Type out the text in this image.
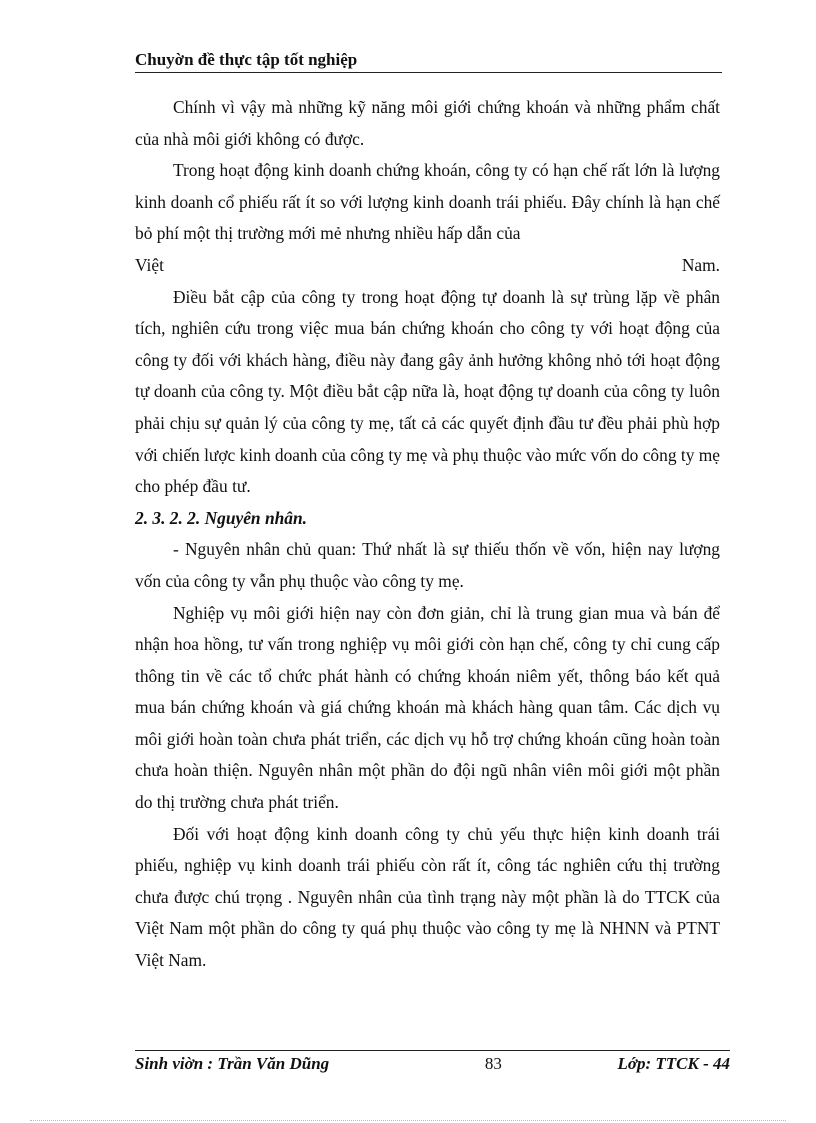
Chuyờn đề thực tập tốt nghiệp

Chính vì vậy mà những kỹ năng môi giới chứng khoán và những phẩm chất của nhà môi giới không có được.

Trong hoạt động kinh doanh chứng khoán, công ty có hạn chế rất lớn là lượng kinh doanh cổ phiếu rất ít so với lượng kinh doanh trái phiếu. Đây chính là hạn chế bỏ phí một thị trường mới mẻ nhưng nhiều hấp dẫn của

Việt	Nam.

Điều bắt cập của công ty trong hoạt động tự doanh là sự trùng lặp về phân tích, nghiên cứu trong việc mua bán chứng khoán cho công ty với hoạt động của công ty đối với khách hàng, điều này đang gây ảnh hưởng không nhỏ tới hoạt động tự doanh của công ty. Một điều bắt cập nữa là, hoạt động tự doanh của công ty luôn phải chịu sự quản lý của công ty mẹ, tất cả các quyết định đầu tư đều phải phù hợp với chiến lược kinh doanh của công ty mẹ và phụ thuộc vào mức vốn do công ty mẹ cho phép đầu tư.

2. 3. 2. 2. Nguyên nhân.

- Nguyên nhân chủ quan: Thứ nhất là sự thiếu thốn về vốn, hiện nay lượng vốn của công ty vẫn phụ thuộc vào công ty mẹ.

Nghiệp vụ môi giới hiện nay còn đơn giản, chỉ là trung gian mua và bán để nhận hoa hồng, tư vấn trong nghiệp vụ môi giới còn hạn chế, công ty chỉ cung cấp thông tin về các tổ chức phát hành có chứng khoán niêm yết, thông báo kết quả mua bán chứng khoán và giá chứng khoán mà khách hàng quan tâm. Các dịch vụ môi giới hoàn toàn chưa phát triển, các dịch vụ hỗ trợ chứng khoán cũng hoàn toàn chưa hoàn thiện. Nguyên nhân một phần do đội ngũ nhân viên môi giới một phần do thị trường chưa phát triển.

Đối với hoạt động kinh doanh công ty chủ yếu thực hiện kinh doanh trái phiếu, nghiệp vụ kinh doanh trái phiếu còn rất ít, công tác nghiên cứu thị trường chưa được chú trọng . Nguyên nhân của tình trạng này một phần là do TTCK của Việt Nam một phần do công ty quá phụ thuộc vào công ty mẹ là NHNN và PTNT Việt Nam.

Sinh viờn : Trần Văn Dũng	83	Lớp: TTCK - 44
